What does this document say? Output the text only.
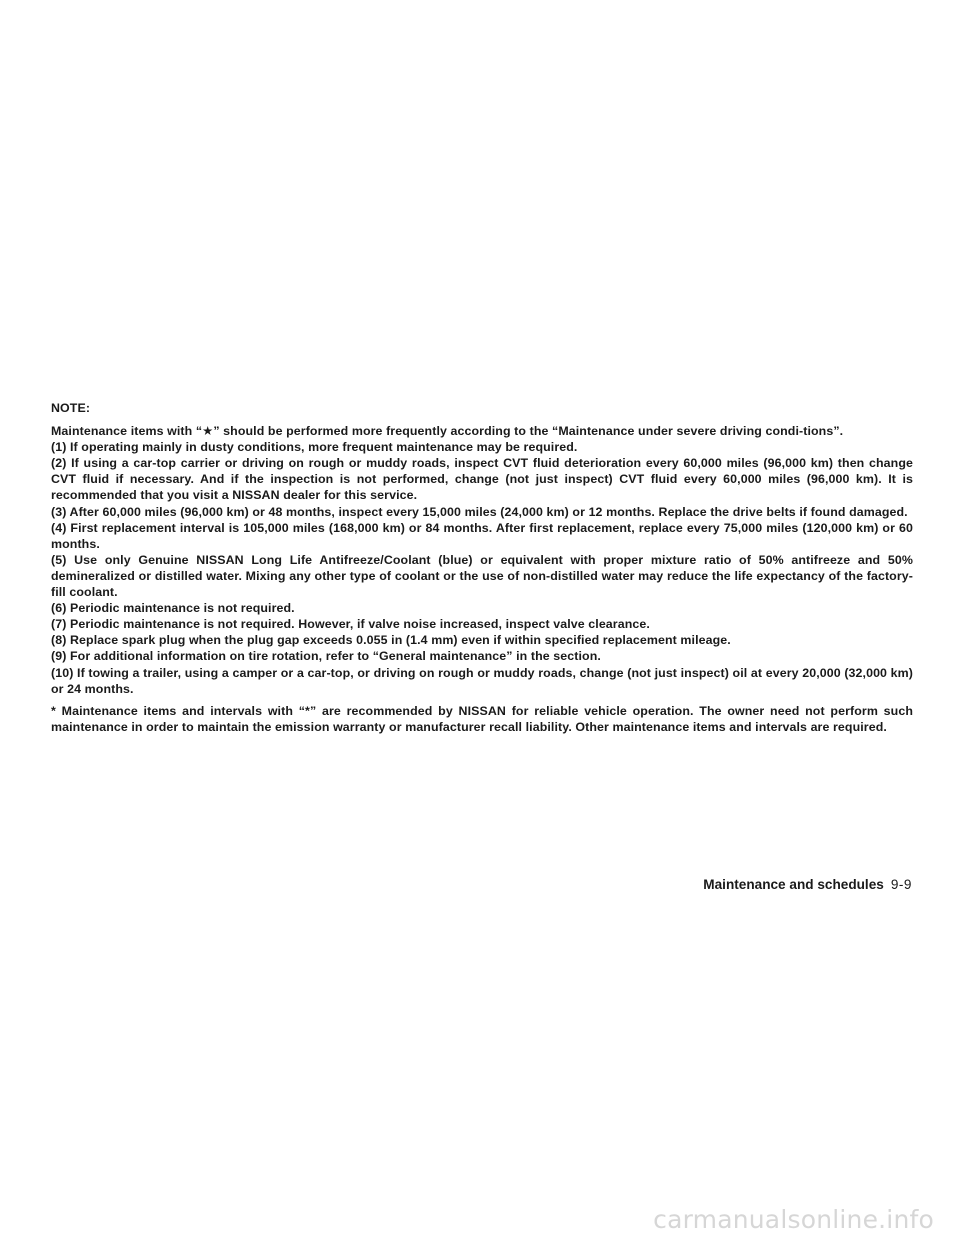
NOTE:

Maintenance items with “★” should be performed more frequently according to the “Maintenance under severe driving condi-tions”.

(1) If operating mainly in dusty conditions, more frequent maintenance may be required.
(2) If using a car-top carrier or driving on rough or muddy roads, inspect CVT fluid deterioration every 60,000 miles (96,000 km) then change CVT fluid if necessary. And if the inspection is not performed, change (not just inspect) CVT fluid every 60,000 miles (96,000 km). It is recommended that you visit a NISSAN dealer for this service.
(3) After 60,000 miles (96,000 km) or 48 months, inspect every 15,000 miles (24,000 km) or 12 months. Replace the drive belts if found damaged.
(4) First replacement interval is 105,000 miles (168,000 km) or 84 months. After first replacement, replace every 75,000 miles (120,000 km) or 60 months.
(5) Use only Genuine NISSAN Long Life Antifreeze/Coolant (blue) or equivalent with proper mixture ratio of 50% antifreeze and 50% demineralized or distilled water. Mixing any other type of coolant or the use of non-distilled water may reduce the life expectancy of the factory-fill coolant.
(6) Periodic maintenance is not required.
(7) Periodic maintenance is not required. However, if valve noise increased, inspect valve clearance.
(8) Replace spark plug when the plug gap exceeds 0.055 in (1.4 mm) even if within specified replacement mileage.
(9) For additional information on tire rotation, refer to “General maintenance” in the section.
(10) If towing a trailer, using a camper or a car-top, or driving on rough or muddy roads, change (not just inspect) oil at every 20,000 (32,000 km) or 24 months.

* Maintenance items and intervals with “*” are recommended by NISSAN for reliable vehicle operation. The owner need not perform such maintenance in order to maintain the emission warranty or manufacturer recall liability. Other maintenance items and intervals are required.

Maintenance and schedules 9-9
carmanualsonline.info
